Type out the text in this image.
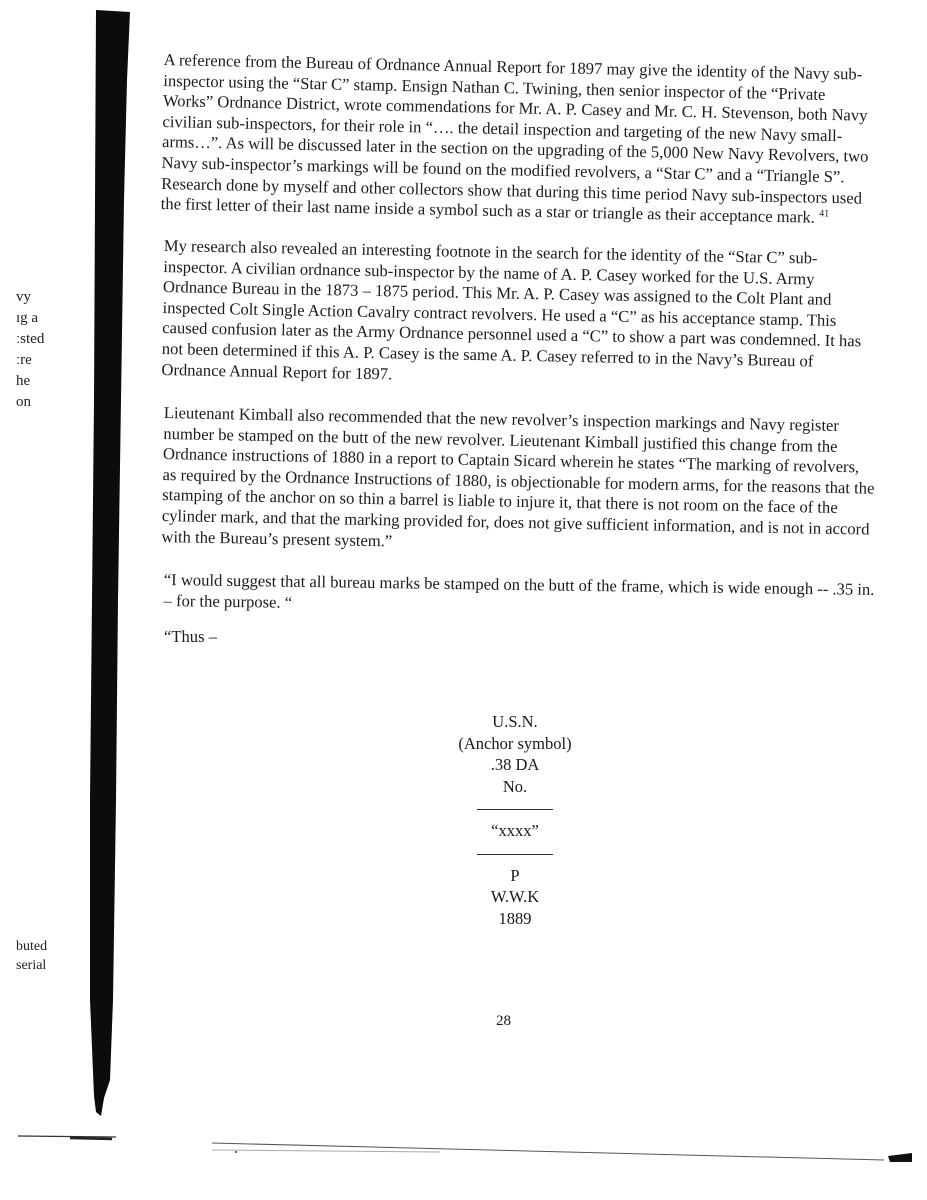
vy
ıg a
ːsted
ːre
he
on
buted
serial

A reference from the Bureau of Ordnance Annual Report for 1897 may give the identity of the Navy sub-inspector using the “Star C” stamp. Ensign Nathan C. Twining, then senior inspector of the “Private Works” Ordnance District, wrote commendations for Mr. A. P. Casey and Mr. C. H. Stevenson, both Navy civilian sub-inspectors, for their role in “…. the detail inspection and targeting of the new Navy small-arms…”. As will be discussed later in the section on the upgrading of the 5,000 New Navy Revolvers, two Navy sub-inspector’s markings will be found on the modified revolvers, a “Star C” and a “Triangle S”. Research done by myself and other collectors show that during this time period Navy sub-inspectors used the first letter of their last name inside a symbol such as a star or triangle as their acceptance mark. $^{41}$

My research also revealed an interesting footnote in the search for the identity of the “Star C” sub-inspector. A civilian ordnance sub-inspector by the name of A. P. Casey worked for the U.S. Army Ordnance Bureau in the 1873 – 1875 period. This Mr. A. P. Casey was assigned to the Colt Plant and inspected Colt Single Action Cavalry contract revolvers. He used a “C” as his acceptance stamp. This caused confusion later as the Army Ordnance personnel used a “C” to show a part was condemned. It has not been determined if this A. P. Casey is the same A. P. Casey referred to in the Navy’s Bureau of Ordnance Annual Report for 1897.

Lieutenant Kimball also recommended that the new revolver’s inspection markings and Navy register number be stamped on the butt of the new revolver. Lieutenant Kimball justified this change from the Ordnance instructions of 1880 in a report to Captain Sicard wherein he states “The marking of revolvers, as required by the Ordnance Instructions of 1880, is objectionable for modern arms, for the reasons that the stamping of the anchor on so thin a barrel is liable to injure it, that there is not room on the face of the cylinder mark, and that the marking provided for, does not give sufficient information, and is not in accord with the Bureau’s present system.”

“I would suggest that all bureau marks be stamped on the butt of the frame, which is wide enough -- .35 in. – for the purpose. “

“Thus –

U.S.N.
(Anchor symbol)
.38 DA
No.
“xxxx”
P
W.W.K
1889
28
